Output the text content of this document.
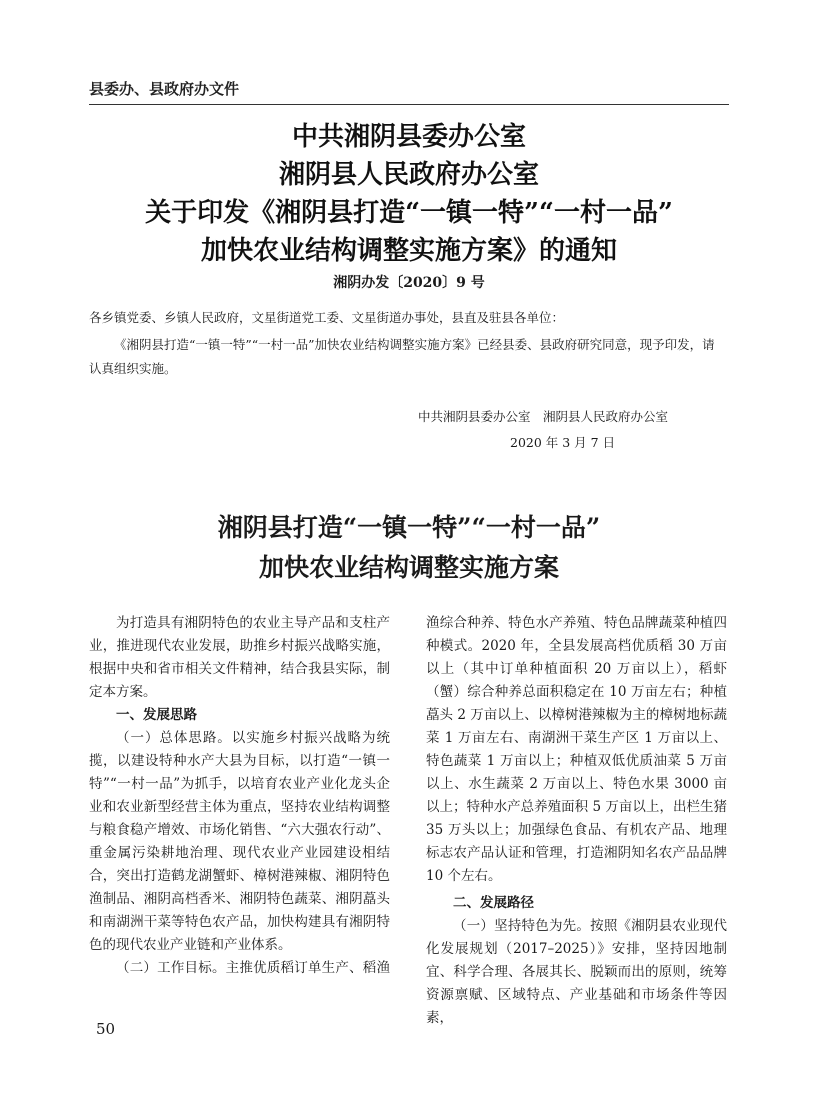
县委办、县政府办文件
中共湘阴县委办公室
湘阴县人民政府办公室
关于印发《湘阴县打造“一镇一特”“一村一品”
加快农业结构调整实施方案》的通知
湘阴办发〔2020〕9 号
各乡镇党委、乡镇人民政府，文星街道党工委、文星街道办事处，县直及驻县各单位：
《湘阴县打造“一镇一特”“一村一品”加快农业结构调整实施方案》已经县委、县政府研究同意，现予印发，请认真组织实施。
中共湘阴县委办公室　湘阴县人民政府办公室
2020 年 3 月 7 日
湘阴县打造“一镇一特”“一村一品”
加快农业结构调整实施方案

为打造具有湘阴特色的农业主导产品和支柱产业，推进现代农业发展，助推乡村振兴战略实施，根据中央和省市相关文件精神，结合我县实际，制定本方案。

一、发展思路

（一）总体思路。以实施乡村振兴战略为统揽，以建设特种水产大县为目标，以打造“一镇一特”“一村一品”为抓手，以培育农业产业化龙头企业和农业新型经营主体为重点，坚持农业结构调整与粮食稳产增效、市场化销售、“六大强农行动”、重金属污染耕地治理、现代农业产业园建设相结合，突出打造鹤龙湖蟹虾、樟树港辣椒、湘阴特色渔制品、湘阴高档香米、湘阴特色蔬菜、湘阴藠头和南湖洲干菜等特色农产品，加快构建具有湘阴特色的现代农业产业链和产业体系。

（二）工作目标。主推优质稻订单生产、稻渔

渔综合种养、特色水产养殖、特色品牌蔬菜种植四种模式。2020 年，全县发展高档优质稻 30 万亩以上（其中订单种植面积 20 万亩以上），稻虾（蟹）综合种养总面积稳定在 10 万亩左右；种植藠头 2 万亩以上、以樟树港辣椒为主的樟树地标蔬菜 1 万亩左右、南湖洲干菜生产区 1 万亩以上、特色蔬菜 1 万亩以上；种植双低优质油菜 5 万亩以上、水生蔬菜 2 万亩以上、特色水果 3000 亩以上；特种水产总养殖面积 5 万亩以上，出栏生猪 35 万头以上；加强绿色食品、有机农产品、地理标志农产品认证和管理，打造湘阴知名农产品品牌 10 个左右。

二、发展路径

（一）坚持特色为先。按照《湘阴县农业现代化发展规划（2017–2025）》安排，坚持因地制宜、科学合理、各展其长、脱颖而出的原则，统筹资源禀赋、区域特点、产业基础和市场条件等因素，

50
